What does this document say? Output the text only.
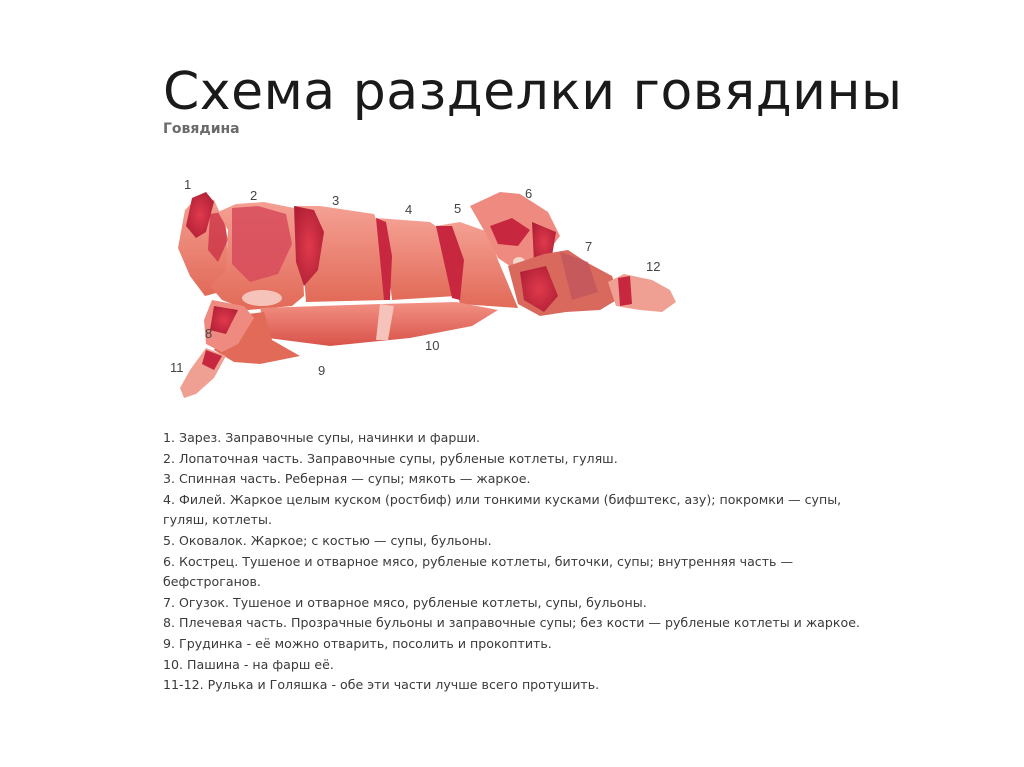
Схема разделки говядины
Говядина
1
2	3
4	5
6
7
8
9
10
11
12
1. Зарез. Заправочные супы, начинки и фарши.
2. Лопаточная часть. Заправочные супы, рубленые котлеты, гуляш.
3. Спинная часть. Реберная — супы; мякоть — жаркое.
4. Филей. Жаркое целым куском (ростбиф) или тонкими кусками (бифштекс, азу); покромки — супы, гуляш, котлеты.
5. Оковалок. Жаркое; с костью — супы, бульоны.
6. Кострец. Тушеное и отварное мясо, рубленые котлеты, биточки, супы; внутренняя часть — бефстроганов.
7. Огузок. Тушеное и отварное мясо, рубленые котлеты, супы, бульоны.
8. Плечевая часть. Прозрачные бульоны и заправочные супы; без кости — рубленые котлеты и жаркое.
9. Грудинка - её можно отварить, посолить и прокоптить.
10. Пашина - на фарш её.
11-12. Рулька и Голяшка - обе эти части лучше всего протушить.
